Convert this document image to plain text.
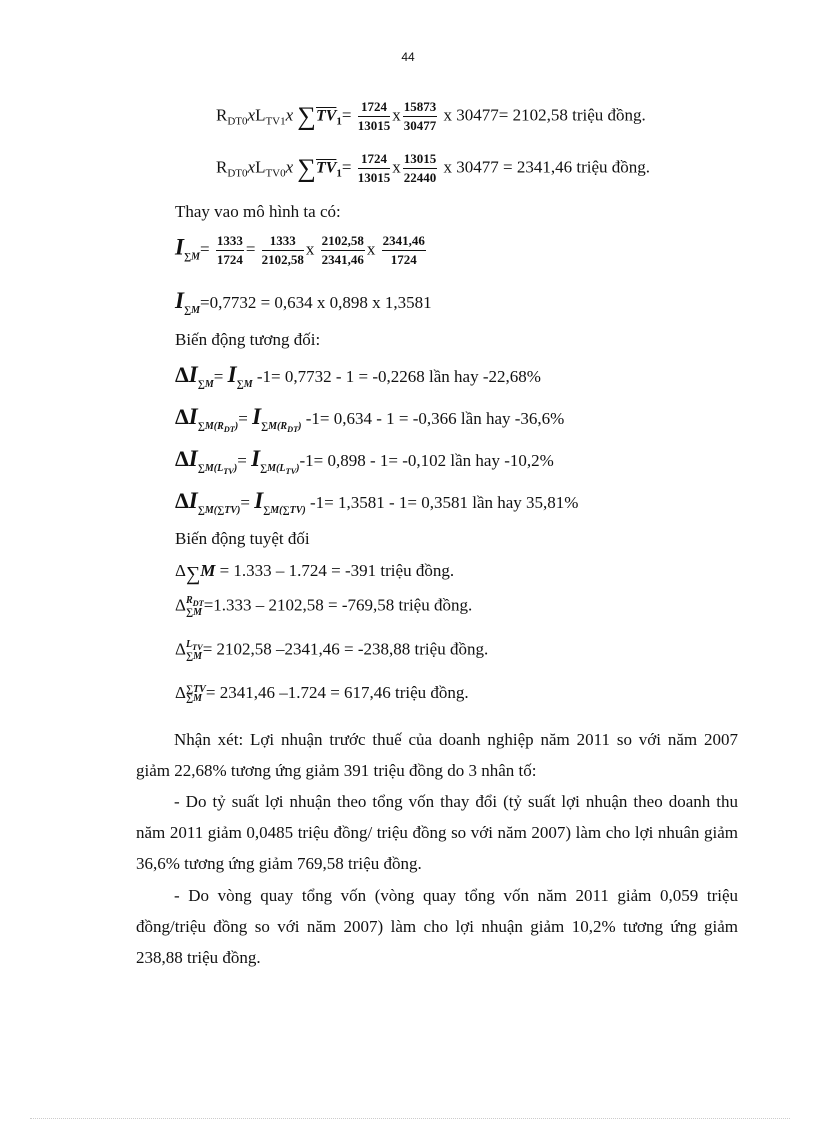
44
$R_{DT0}xL_{TV1}x$ $\sum\overline{TV}_1= \frac{1724}{13015}$ x $\frac{15873}{30477}$ x 30477= 2102,58 triệu đồng.
$R_{DT0}xL_{TV0}x$ $\sum\overline{TV}_1= \frac{1724}{13015}$ x $\frac{13015}{22440}$ x 30477 = 2341,46 triệu đồng.
Thay vao mô hình ta có:
$I_{\sum M}= \frac{1333}{1724} = \frac{1333}{2102,58}$ x $\frac{2102,58}{2341,46}$ x $\frac{2341,46}{1724}$
$I_{\sum M}=0,7732 = 0,634$ x 0,898 x 1,3581
Biến động tương đối:
$\Delta I_{\sum M}= I_{\sum M}$ -1= 0,7732 - 1 = -0,2268 lần hay -22,68%
$\Delta I_{\sum M(R_{DT})}= I_{\sum M(R_{DT})}$ -1= 0,634 - 1 = -0,366 lần hay -36,6%
$\Delta I_{\sum M(L_{TV})}= I_{\sum M(L_{TV})}-1= 0,898 - 1= -0,102$ lần hay -10,2%
$\Delta I_{\sum M(\sum TV)}= I_{\sum M(\sum TV)}$ -1= 1,3581 - 1= 0,3581 lần hay 35,81%
Biến động tuyệt đối
Δ∑M = 1.333 – 1.724 = -391 triệu đồng.
$\Delta R_{DT}$
∑M =1.333 – 2102,58 = -769,58 triệu đồng.
$\Delta L_{TV}$
∑M= 2102,58 –2341,46 = -238,88 triệu đồng.
Δ∑TV
∑M = 2341,46 –1.724 = 617,46 triệu đồng.
Nhận xét: Lợi nhuận trước thuế của doanh nghiệp năm 2011 so với năm 2007 giảm 22,68% tương ứng giảm 391 triệu đồng do 3 nhân tố:
- Do tỷ suất lợi nhuận theo tổng vốn thay đổi (tỷ suất lợi nhuận theo doanh thu năm 2011 giảm 0,0485 triệu đồng/ triệu đồng so với năm 2007) làm cho lợi nhuân giảm 36,6% tương ứng giảm 769,58 triệu đồng.
- Do vòng quay tổng vốn (vòng quay tổng vốn năm 2011 giảm 0,059 triệu đồng/triệu đồng so với năm 2007) làm cho lợi nhuận giảm 10,2% tương ứng giảm 238,88 triệu đồng.
